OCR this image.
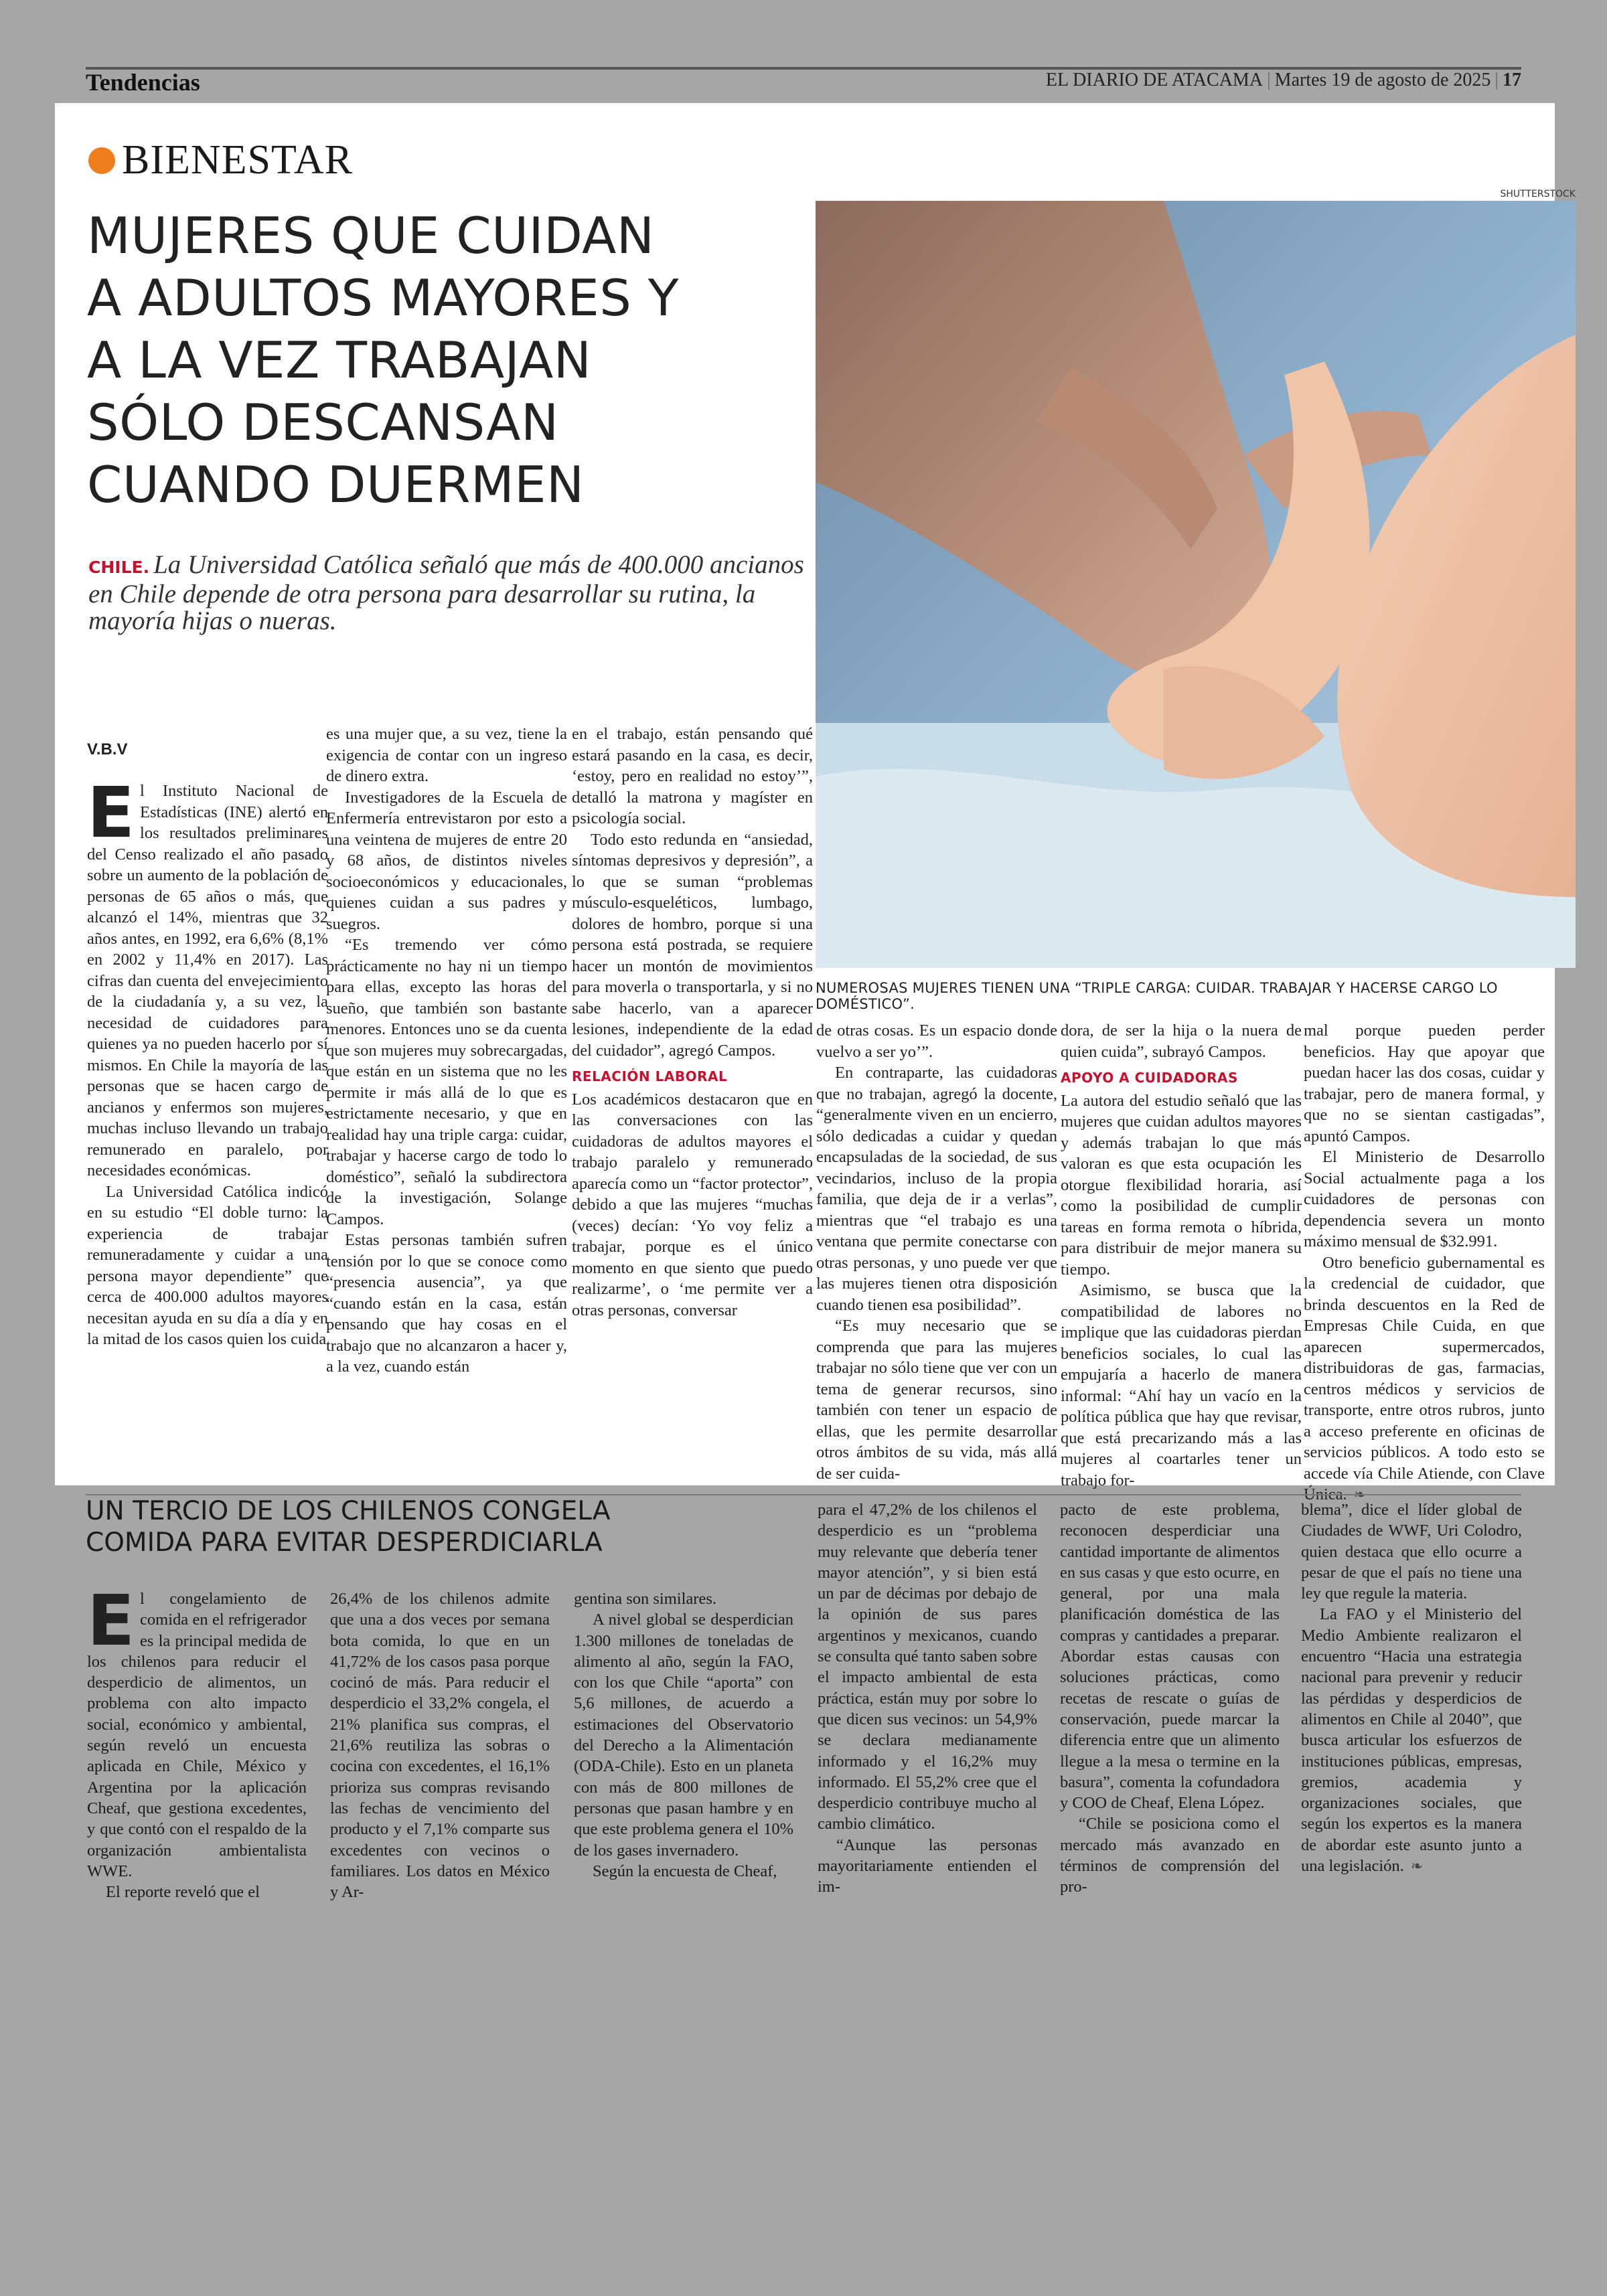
Tendencias	EL DIARIO DE ATACAMA | Martes 19 de agosto de 2025 | 17
BIENESTAR
MUJERES QUE CUIDAN
A ADULTOS MAYORES Y
A LA VEZ TRABAJAN
SÓLO DESCANSAN
CUANDO DUERMEN
CHILE. La Universidad Católica señaló que más de 400.000 ancianos en Chile depende de otra persona para desarrollar su rutina, la mayoría hijas o nueras.
SHUTTERSTOCK
NUMEROSAS MUJERES TIENEN UNA “TRIPLE CARGA: CUIDAR. TRABAJAR Y HACERSE CARGO LO DOMÉSTICO”.
V.B.V

El Instituto Nacional de Estadísticas (INE) alertó en los resultados preliminares del Censo realizado el año pasado sobre un aumento de la población de personas de 65 años o más, que alcanzó el 14%, mientras que 32 años antes, en 1992, era 6,6% (8,1% en 2002 y 11,4% en 2017). Las cifras dan cuenta del envejecimiento de la ciudadanía y, a su vez, la necesidad de cuidadores para quienes ya no pueden hacerlo por sí mismos. En Chile la mayoría de las personas que se hacen cargo de ancianos y enfermos son mujeres, muchas incluso llevando un trabajo remunerado en paralelo, por necesidades económicas.

La Universidad Católica indicó en su estudio “El doble turno: la experiencia de trabajar remuneradamente y cuidar a una persona mayor dependiente” que cerca de 400.000 adultos mayores necesitan ayuda en su día a día y en la mitad de los casos quien los cuida

es una mujer que, a su vez, tiene la exigencia de contar con un ingreso de dinero extra.

Investigadores de la Escuela de Enfermería entrevistaron por esto a una veintena de mujeres de entre 20 y 68 años, de distintos niveles socioeconómicos y educacionales, quienes cuidan a sus padres y suegros.

“Es tremendo ver cómo prácticamente no hay ni un tiempo para ellas, excepto las horas del sueño, que también son bastante menores. Entonces uno se da cuenta que son mujeres muy sobrecargadas, que están en un sistema que no les permite ir más allá de lo que es estrictamente necesario, y que en realidad hay una triple carga: cuidar, trabajar y hacerse cargo de todo lo doméstico”, señaló la subdirectora de la investigación, Solange Campos.

Estas personas también sufren tensión por lo que se conoce como “presencia ausencia”, ya que “cuando están en la casa, están pensando que hay cosas en el trabajo que no alcanzaron a hacer y, a la vez, cuando están

en el trabajo, están pensando qué estará pasando en la casa, es decir, ‘estoy, pero en realidad no estoy’”, detalló la matrona y magíster en psicología social.

Todo esto redunda en “ansiedad, síntomas depresivos y depresión”, a lo que se suman “problemas músculo-esqueléticos, lumbago, dolores de hombro, porque si una persona está postrada, se requiere hacer un montón de movimientos para moverla o transportarla, y si no sabe hacerlo, van a aparecer lesiones, independiente de la edad del cuidador”, agregó Campos.

RELACIÓN LABORAL

Los académicos destacaron que en las conversaciones con las cuidadoras de adultos mayores el trabajo paralelo y remunerado aparecía como un “factor protector”, debido a que las mujeres “muchas (veces) decían: ‘Yo voy feliz a trabajar, porque es el único momento en que siento que puedo realizarme’, o ‘me permite ver a otras personas, conversar

de otras cosas. Es un espacio donde vuelvo a ser yo’”.

En contraparte, las cuidadoras que no trabajan, agregó la docente, “generalmente viven en un encierro, sólo dedicadas a cuidar y quedan encapsuladas de la sociedad, de sus vecindarios, incluso de la propia familia, que deja de ir a verlas”, mientras que “el trabajo es una ventana que permite conectarse con otras personas, y uno puede ver que las mujeres tienen otra disposición cuando tienen esa posibilidad”.

“Es muy necesario que se comprenda que para las mujeres trabajar no sólo tiene que ver con un tema de generar recursos, sino también con tener un espacio de ellas, que les permite desarrollar otros ámbitos de su vida, más allá de ser cuida-

dora, de ser la hija o la nuera de quien cuida”, subrayó Campos.

APOYO A CUIDADORAS

La autora del estudio señaló que las mujeres que cuidan adultos mayores y además trabajan lo que más valoran es que esta ocupación les otorgue flexibilidad horaria, así como la posibilidad de cumplir tareas en forma remota o híbrida, para distribuir de mejor manera su tiempo.

Asimismo, se busca que la compatibilidad de labores no implique que las cuidadoras pierdan beneficios sociales, lo cual las empujaría a hacerlo de manera informal: “Ahí hay un vacío en la política pública que hay que revisar, que está precarizando más a las mujeres al coartarles tener un trabajo for-

mal porque pueden perder beneficios. Hay que apoyar que puedan hacer las dos cosas, cuidar y trabajar, pero de manera formal, y que no se sientan castigadas”, apuntó Campos.

El Ministerio de Desarrollo Social actualmente paga a los cuidadores de personas con dependencia severa un monto máximo mensual de $32.991.

Otro beneficio gubernamental es la credencial de cuidador, que brinda descuentos en la Red de Empresas Chile Cuida, en que aparecen supermercados, distribuidoras de gas, farmacias, centros médicos y servicios de transporte, entre otros rubros, junto a acceso preferente en oficinas de servicios públicos. A todo esto se accede vía Chile Atiende, con Clave Única. ❧

UN TERCIO DE LOS CHILENOS CONGELA
COMIDA PARA EVITAR DESPERDICIARLA

El congelamiento de comida en el refrigerador es la principal medida de los chilenos para reducir el desperdicio de alimentos, un problema con alto impacto social, económico y ambiental, según reveló un encuesta aplicada en Chile, México y Argentina por la aplicación Cheaf, que gestiona excedentes, y que contó con el respaldo de la organización ambientalista WWE.

El reporte reveló que el

26,4% de los chilenos admite que una a dos veces por semana bota comida, lo que en un 41,72% de los casos pasa porque cocinó de más. Para reducir el desperdicio el 33,2% congela, el 21% planifica sus compras, el 21,6% reutiliza las sobras o cocina con excedentes, el 16,1% prioriza sus compras revisando las fechas de vencimiento del producto y el 7,1% comparte sus excedentes con vecinos o familiares. Los datos en México y Ar-

gentina son similares.

A nivel global se desperdician 1.300 millones de toneladas de alimento al año, según la FAO, con los que Chile “aporta” con 5,6 millones, de acuerdo a estimaciones del Observatorio del Derecho a la Alimentación (ODA-Chile). Esto en un planeta con más de 800 millones de personas que pasan hambre y en que este problema genera el 10% de los gases invernadero.

Según la encuesta de Cheaf,

para el 47,2% de los chilenos el desperdicio es un “problema muy relevante que debería tener mayor atención”, y si bien está un par de décimas por debajo de la opinión de sus pares argentinos y mexicanos, cuando se consulta qué tanto saben sobre el impacto ambiental de esta práctica, están muy por sobre lo que dicen sus vecinos: un 54,9% se declara medianamente informado y el 16,2% muy informado. El 55,2% cree que el desperdicio contribuye mucho al cambio climático.

“Aunque las personas mayoritariamente entienden el im-

pacto de este problema, reconocen desperdiciar una cantidad importante de alimentos en sus casas y que esto ocurre, en general, por una mala planificación doméstica de las compras y cantidades a preparar. Abordar estas causas con soluciones prácticas, como recetas de rescate o guías de conservación, puede marcar la diferencia entre que un alimento llegue a la mesa o termine en la basura”, comenta la cofundadora y COO de Cheaf, Elena López.

“Chile se posiciona como el mercado más avanzado en términos de comprensión del pro-

blema”, dice el líder global de Ciudades de WWF, Uri Colodro, quien destaca que ello ocurre a pesar de que el país no tiene una ley que regule la materia.

La FAO y el Ministerio del Medio Ambiente realizaron el encuentro “Hacia una estrategia nacional para prevenir y reducir las pérdidas y desperdicios de alimentos en Chile al 2040”, que busca articular los esfuerzos de instituciones públicas, empresas, gremios, academia y organizaciones sociales, que según los expertos es la manera de abordar este asunto junto a una legislación. ❧
